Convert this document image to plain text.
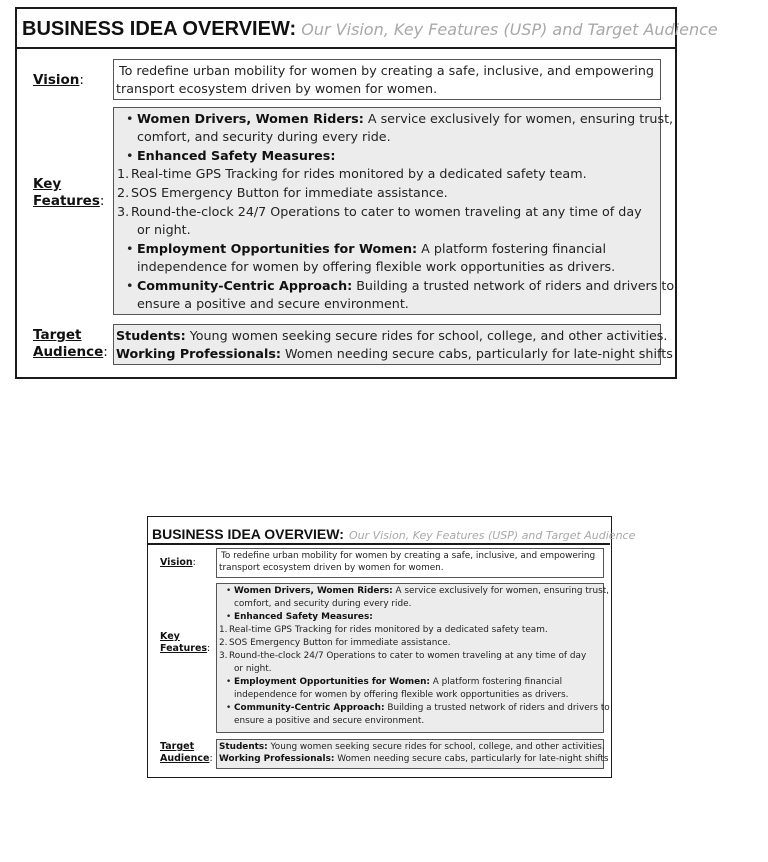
BUSINESS IDEA OVERVIEW: Our Vision, Key Features (USP) and Target Audience
Vision:
To redefine urban mobility for women by creating a safe, inclusive, and empowering
transport ecosystem driven by women for women.
Key
Features:
• Women Drivers, Women Riders: A service exclusively for women, ensuring trust,
comfort, and security during every ride.
• Enhanced Safety Measures:
1. Real-time GPS Tracking for rides monitored by a dedicated safety team.
2. SOS Emergency Button for immediate assistance.
3. Round-the-clock 24/7 Operations to cater to women traveling at any time of day
or night.
• Employment Opportunities for Women: A platform fostering financial
independence for women by offering flexible work opportunities as drivers.
• Community-Centric Approach: Building a trusted network of riders and drivers to
ensure a positive and secure environment.
Target
Audience:
Students: Young women seeking secure rides for school, college, and other activities.
Working Professionals: Women needing secure cabs, particularly for late-night shifts
BUSINESS IDEA OVERVIEW: Our Vision, Key Features (USP) and Target Audience
Vision:
To redefine urban mobility for women by creating a safe, inclusive, and empowering
transport ecosystem driven by women for women.
Key
Features:
• Women Drivers, Women Riders: A service exclusively for women, ensuring trust,
comfort, and security during every ride.
• Enhanced Safety Measures:
1. Real-time GPS Tracking for rides monitored by a dedicated safety team.
2. SOS Emergency Button for immediate assistance.
3. Round-the-clock 24/7 Operations to cater to women traveling at any time of day
or night.
• Employment Opportunities for Women: A platform fostering financial
independence for women by offering flexible work opportunities as drivers.
• Community-Centric Approach: Building a trusted network of riders and drivers to
ensure a positive and secure environment.
Target
Audience:
Students: Young women seeking secure rides for school, college, and other activities.
Working Professionals: Women needing secure cabs, particularly for late-night shifts
